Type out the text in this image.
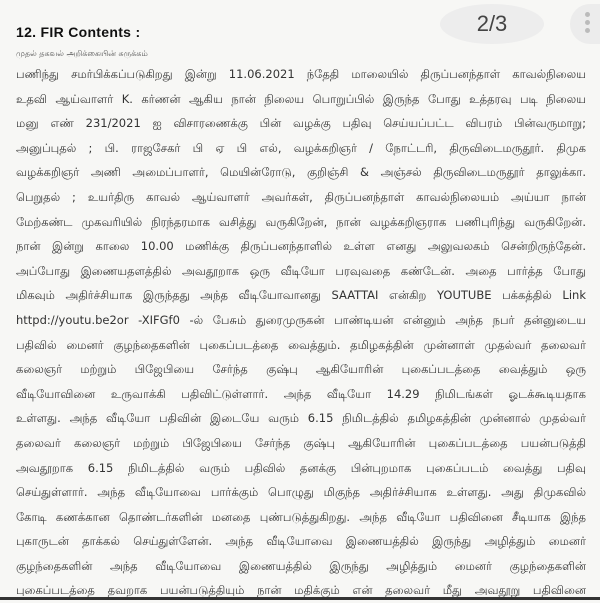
12. FIR Contents :
முதல் தகவல் அறிக்கையின் சுருக்கம்
பணிந்து சமர்பிக்கப்படுகிறது இன்று 11.06.2021 ந்தேதி மாலையில் திருப்பனந்தாள் காவல்நிலைய
உதவி ஆய்வாளர் K. கர்ணன் ஆகிய நான் நிலைய பொறுப்பில் இருந்த போது உத்தரவு படி நிலைய
மனு எண் 231/2021 ஐ விசாரணைக்கு பின் வழக்கு பதிவு செய்யப்பட்ட விபரம் பின்வருமாறு;
அனுப்புதல் ; பி. ராஜசேகர் பி ஏ பி எல், வழக்கறிஞர் / நோட்டரி, திருவிடைமருதூர். திமுக
வழக்கறிஞர் அணி அமைப்பாளர், மெயின்ரோடு, குறிஞ்சி & அஞ்சல் திருவிடைமருதூர் தாலுக்கா.
பெறுதல் ; உயர்திரு காவல் ஆய்வாளர் அவர்கள், திருப்பனந்தாள் காவல்நிலையம் அய்யா நான்
மேற்கண்ட முகவரியில் நிரந்தரமாக வசித்து வருகிறேன், நான் வழக்கறிஞராக பணிபுரிந்து வருகிறேன்.
நான் இன்று காலை 10.00 மணிக்கு திருப்பனந்தாளில் உள்ள எனது அலுவலகம் சென்றிருந்தேன்.
அப்போது இணையதளத்தில் அவதூறாக ஒரு வீடியோ பரவுவதை கண்டேன். அதை பார்த்த போது
மிகவும் அதிர்ச்சியாக இருந்தது அந்த வீடியோவானது SAATTAI என்கிற YOUTUBE பக்கத்தில் Link
httpd://youtu.be2or -XIFGf0 -ல் பேசும் துரைமுருகன் பாண்டியன் என்னும் அந்த நபர் தன்னுடைய
பதிவில் மைனர் குழந்தைகளின் புகைப்படத்தை வைத்தும். தமிழகத்தின் முன்னாள் முதல்வர் தலைவர்
கலைஞர் மற்றும் பிஜேபியை சேர்ந்த குஷ்பு ஆகியோரின் புகைப்படத்தை வைத்தும் ஒரு
வீடியோவினை உருவாக்கி பதிவிட்டுள்ளார். அந்த வீடியோ 14.29 நிமிடங்கள் ஓடக்கூடியதாக
உள்ளது. அந்த வீடியோ பதிவின் இடையே வரும் 6.15 நிமிடத்தில் தமிழகத்தின் முன்னால் முதல்வர்
தலைவர் கலைஞர் மற்றும் பிஜேபியை சேர்ந்த குஷ்பு ஆகியோரின் புகைப்படத்தை பயன்படுத்தி
அவதூறாக 6.15 நிமிடத்தில் வரும் பதிவில் தனக்கு பின்புறமாக புகைப்படம் வைத்து பதிவு
செய்துள்ளார். அந்த வீடியோவை பார்க்கும் பொழுது மிகுந்த அதிர்ச்சியாக உள்ளது. அது திமுகவில்
கோடி கணக்கான தொண்டர்களின் மனதை புண்படுத்துகிறது. அந்த வீடியோ பதிவினை சீடியாக இந்த
புகாருடன் தாக்கல் செய்துள்ளேன். அந்த வீடியோவை இணையத்தில் இருந்து அழித்தும் மைனர்
குழந்தைகளின் அந்த வீடியோவை இணையத்தில் இருந்து அழித்தும் மைனர் குழந்தைகளின்
புகைப்படத்தை தவறாக பயன்படுத்தியும் நான் மதிக்கும் என் தலைவர் மீது அவதூறு பதிவினை
2/3
